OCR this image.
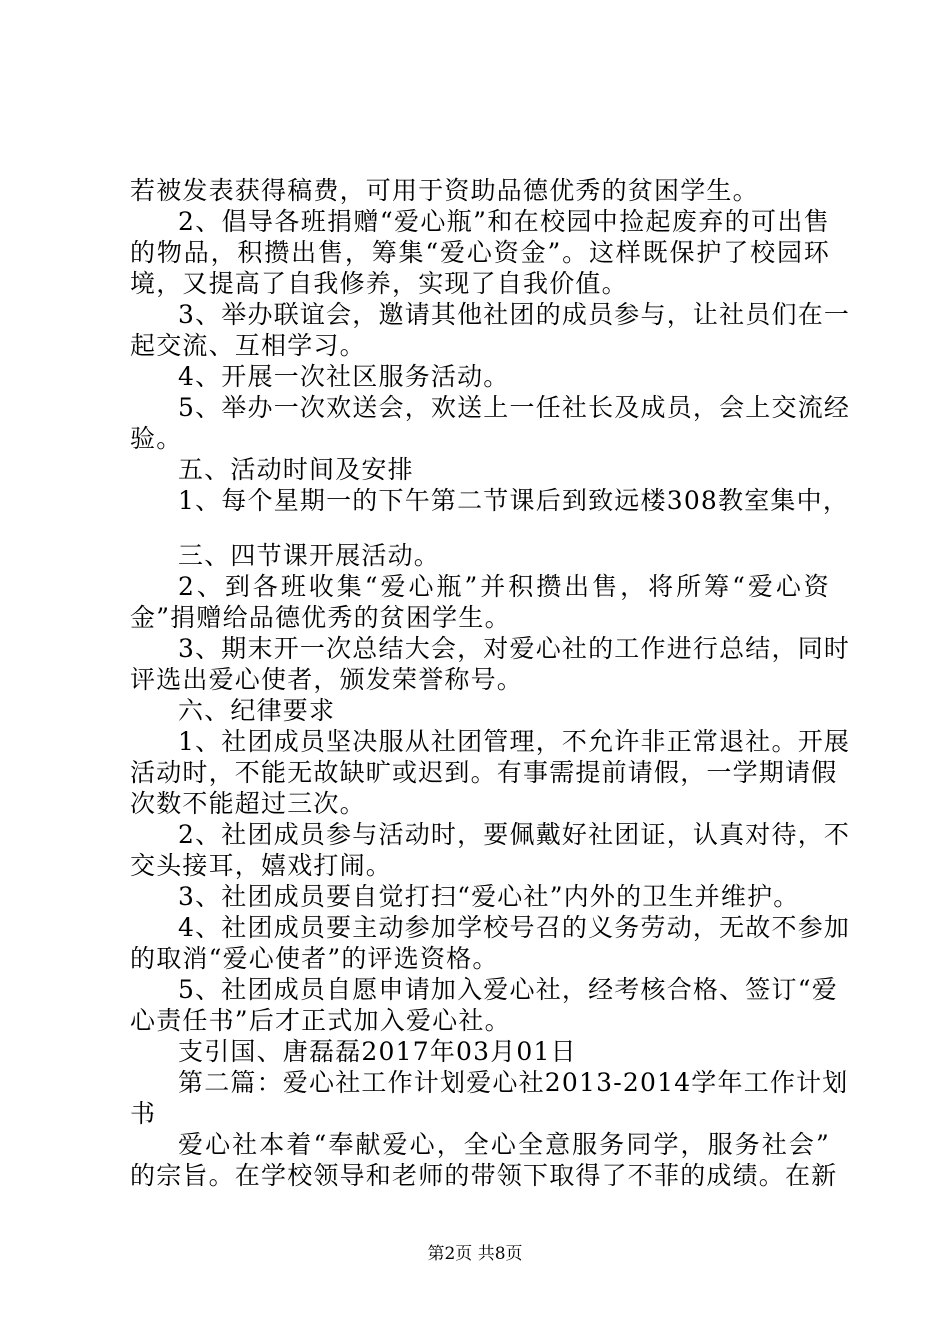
若被发表获得稿费，可用于资助品德优秀的贫困学生。
2、倡导各班捐赠“爱心瓶”和在校园中捡起废弃的可出售
的物品，积攒出售，筹集“爱心资金”。这样既保护了校园环
境，又提高了自我修养，实现了自我价值。
3、举办联谊会，邀请其他社团的成员参与，让社员们在一
起交流、互相学习。
4、开展一次社区服务活动。
5、举办一次欢送会，欢送上一任社长及成员，会上交流经
验。
五、活动时间及安排
1、每个星期一的下午第二节课后到致远楼308教室集中，
三、四节课开展活动。
2、到各班收集“爱心瓶”并积攒出售，将所筹“爱心资
金”捐赠给品德优秀的贫困学生。
3、期末开一次总结大会，对爱心社的工作进行总结，同时
评选出爱心使者，颁发荣誉称号。
六、纪律要求
1、社团成员坚决服从社团管理，不允许非正常退社。开展
活动时，不能无故缺旷或迟到。有事需提前请假，一学期请假
次数不能超过三次。
2、社团成员参与活动时，要佩戴好社团证，认真对待，不
交头接耳，嬉戏打闹。
3、社团成员要自觉打扫“爱心社”内外的卫生并维护。
4、社团成员要主动参加学校号召的义务劳动，无故不参加
的取消“爱心使者”的评选资格。
5、社团成员自愿申请加入爱心社，经考核合格、签订“爱
心责任书”后才正式加入爱心社。
支引国、唐磊磊2017年03月01日
第二篇：爱心社工作计划爱心社2013-2014学年工作计划
书
爱心社本着“奉献爱心，全心全意服务同学，服务社会”
的宗旨。在学校领导和老师的带领下取得了不菲的成绩。在新
第2页 共8页
